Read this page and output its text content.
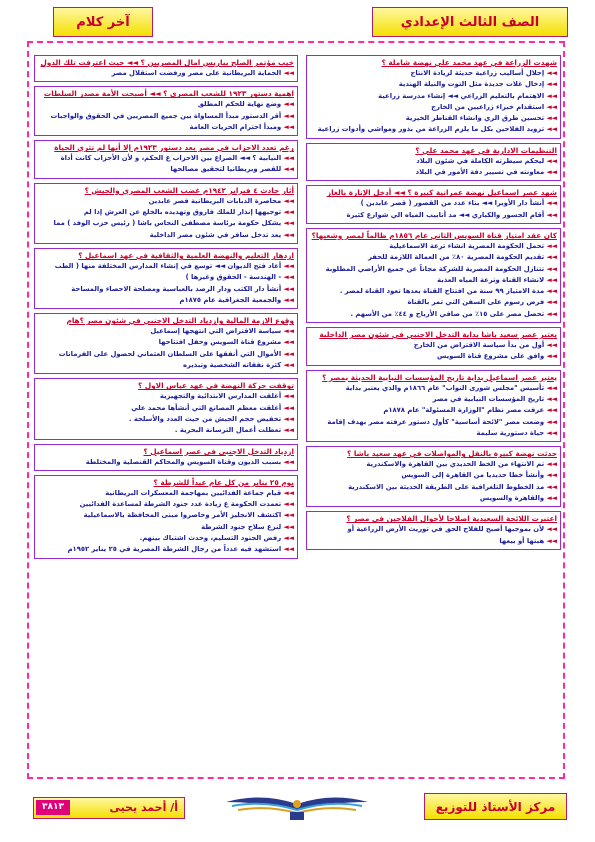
الصف الثالث الإعدادي
آخر كلام
شهدت الزراعة في عهد محمد علي نهضة شاملة ؟
◄◄ إحلال أساليب زراعية حديثة لزيادة الانتاج
◄◄ إدخال غلات جديدة مثل التوت والنيلة الهندية
◄◄ الاهتمام بالتعليم الزراعي ◄◄ إنشاء مدرسة زراعية
◄◄ استقدام خبراء زراعيين من الخارج
◄◄ تحسين طرق الري وانشاء القناطر الخيرية
◄◄ تزويد الفلاحين بكل ما يلزم الزراعة من بذور ومواشي وأدوات زراعية
التنظيمات الادارية في عهد محمد علي ؟
◄◄ ليحكم سيطرته الكاملة في شئون البلاد
◄◄ معاونته في تسيير دفة الأمور في البلاد
شهد عصر اسماعيل نهضة عمرانية كبيرة ؟ ◄◄ أدخل الإنارة بالغاز
◄◄ أنشأ دار الأوبرا ◄◄ بناء عدد من القصور ( قصر عابدين )
◄◄ أقام الجسور والكباري ◄◄ مد أنابيب المياه الي شوارع كثيرة
كان عقد امتياز قناة السويس الثاني عام ١٨٥٦م ظالماً لمصر وشعبها؟
◄◄ تحمل الحكومة المصرية انشاء ترعة الاسماعيلية
◄◄ تقديم الحكومة المصرية ٨٠٪ من العمالة اللازمة للحفر
◄◄ تتنازل الحكومة المصرية للشركة مجاناً عن جميع الأراضي المطلوبة
◄◄ لانشاء القناة وترعة المياه العذبة
◄◄ مدة الامتياز ٩٩ سنة من افتتاح القناة بعدها تعود القناة لمصر .
◄◄ فرض رسوم على السفن التي تمر بالقناة
◄◄ تحصل مصر على ١٥٪ من صافي الأرباح و ٤٤٪ من الأسهم .
يعتبر عصر سعيد باشا بداية التدخل الاجنبي في شئون مصر الداخلية
◄◄ أول من بدأ سياسة الاقتراض من الخارج
◄◄ وافق على مشروع قناة السويس
يعتبر عصر اسماعيل بداية تاريخ المؤسسات النيابية الحديثة بمصر ؟
◄◄ تأسيس "مجلس شورى النواب" عام ١٨٦٦م والذي يعتبر بداية
◄◄ تاريخ المؤسسات النيابية في مصر
◄◄ عرفت مصر نظام "الوزارة المسئولة" عام ١٨٧٨م
◄◄ وضعت مصر "لائحة أساسية" كأول دستور عرفته مصر بهدف إقامة
◄◄ حياة دستورية سليمة
حدثت نهضة كبيرة بالنقل والمواصلات في عهد سعيد باشا ؟
◄◄ تم الانتهاء من الخط الحديدي بين القاهرة والاسكندرية
◄◄ وأنشأ خطا حديديا من القاهرة إلى السويس
◄◄ مد الخطوط التلغرافية على الطريقة الحديثة بين الاسكندرية
◄◄ والقاهرة والسويس
اعتبرت اللائحة السعيدية اصلاحا لأحوال الفلاحين في مصر ؟
◄◄ لأن بموجبها أصبح للفلاح الحق في توريث الأرض الزراعية أو
◄◄ هبتها أو بيعها
خيب مؤتمر الصلح بباريس امال المصريين ؟ ◄◄ حيث اعترفت تلك الدول
◄◄ الحماية البريطانية على مصر ورفضت استقلال مصر
اهمية دستور ١٩٢٣ للشعب المصري ؟ ◄◄ أصبحت الأمة مصدر السلطات
◄◄ وضع نهاية للحكم المطلق
◄◄ أقر الدستور مبدأ المساواة بين جميع المصريين في الحقوق والواجبات
◄◄ ومبدأ احترام الحريات العامة
رغم تعدد الاحزاب في مصر بعد دستور ١٩٢٣م إلا أنها لم تثري الحياة
◄◄ النيابية ؟ ◄◄ الصراع بين الاحزاب ع الحكم، و لأن الأحزاب كانت أداة
◄◄ للقصر وبريطانيا لتحقيق مصالحها
أثار حادث ٤ فبراير ١٩٤٢م غضب الشعب المصري والجيش ؟
◄◄ محاصرة الدبابات البريطانية قصر عابدين
◄◄ توجيهها إنذار للملك فاروق وتهديده بالخلع عن العرش إذا لم
◄◄ يشكل حكومة برئاسة مصطفى النحاس باشا ( رئيس حزب الوفد ) مما
◄◄ يعد تدخل سافر في شئون مصر الداخلية
ازدهار التعليم والنهضة العلمية والثقافية في عهد اسماعيل ؟
◄◄ أعاد فتح الديوان ◄◄ توسع في إنشاء المدارس المختلفة منها ( الطب
◄◄ - الهندسة - الحقوق وغيرها )
◄◄ أنشأ دار الكتب ودار الرصد بالعباسية ومصلحة الاحصاء والمساحة
◄◄ والجمعية الجغرافية عام ١٨٧٥م
وقوع الازمة المالية وازدياد التدخل الاجنبي في شئون مصر ؟هام
◄◄ سياسة الاقتراض التي انتهجها إسماعيل
◄◄ مشروع قناة السويس وحفل افتتاحها
◄◄ الأموال التي أنفقها على السلطان العثماني لحصول على الفرمانات
◄◄ كثرة نفقاته الشخصية وتبذيره
توقفت حركة النهضة في عهد عباس الاول ؟
◄◄ أغلقت المدارس الابتدائية والتجهيزية
◄◄ أغلقت معظم المصانع التي أنشأها محمد علي
◄◄ تخفيض حجم الجيش من حيث العدد والأسلحة .
◄◄ تعطلت أعمال الترسانة البحرية .
ازدياد التدخل الاجنبي في عصر اسماعيل ؟
◄◄ بسبب الديون وقناة السويس والمحاكم القنصلية والمختلطة
يوم ٢٥ يناير من كل عام عيداً للشرطة ؟
◄◄ قيام جماعة الفدائيين بمهاجمة المعسكرات البريطانية
◄◄ تعمدت الحكومة ع زيادة عدد جنود الشرطة لمساعدة الفدائيين
◄◄ اكتشف الانجليز الأمر وحاصروا مبنى المحافظة بالاسماعيلية
◄◄ لنزع سلاح جنود الشرطة
◄◄ رفض الجنود التسليم، وحدث اشتباك بينهم.
◄◄ استشهد فيه عدداً من رجال الشرطة المصرية في ٢٥ يناير ١٩٥٢م
٣٨١٣	أ/ أحمد يحيى	مركز الأستاذ للتوزيع
